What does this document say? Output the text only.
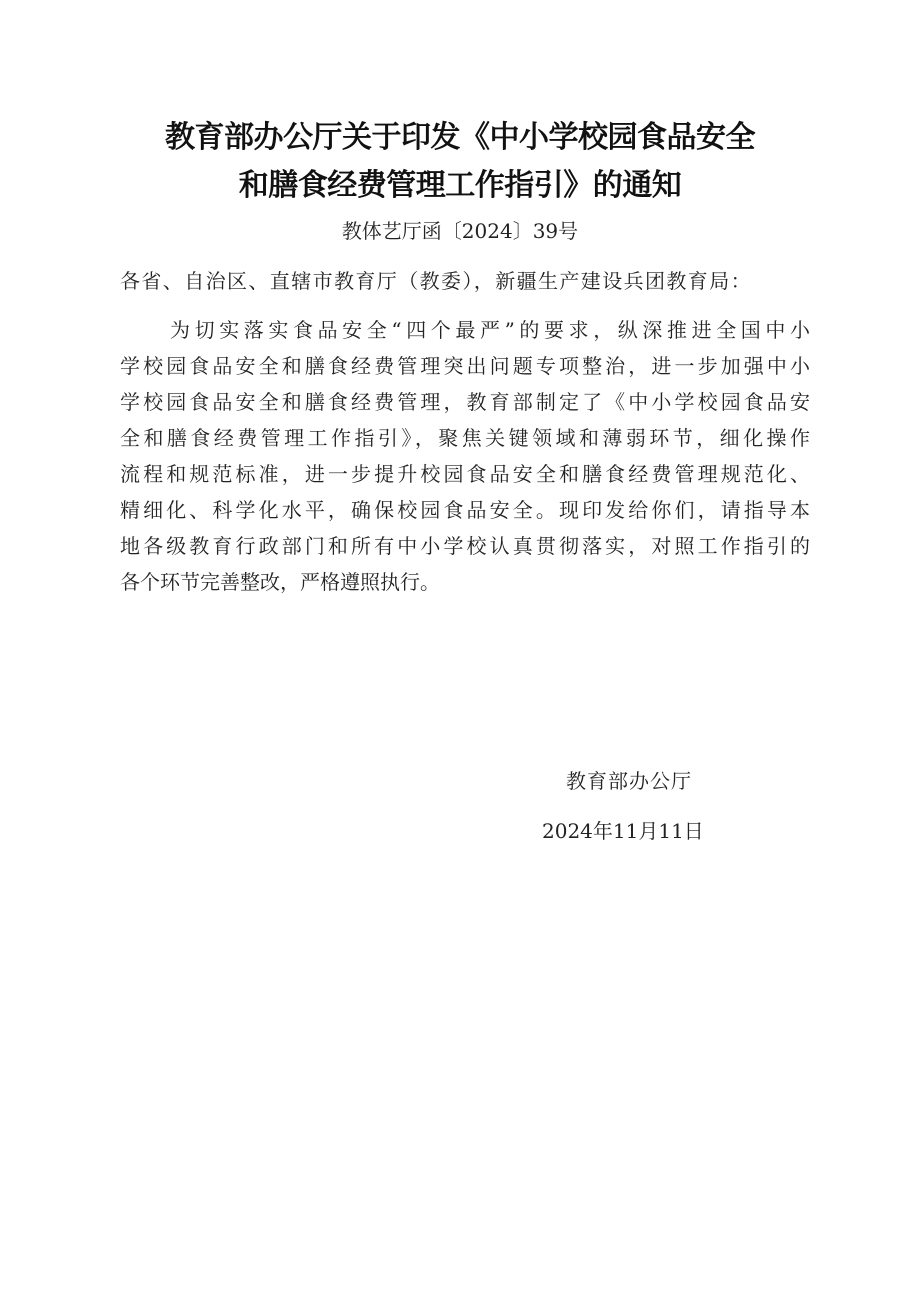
教育部办公厅关于印发《中小学校园食品安全
和膳食经费管理工作指引》的通知
教体艺厅函〔2024〕39号
各省、自治区、直辖市教育厅（教委），新疆生产建设兵团教育局：
为切实落实食品安全“四个最严”的要求，纵深推进全国中小
学校园食品安全和膳食经费管理突出问题专项整治，进一步加强中小
学校园食品安全和膳食经费管理，教育部制定了《中小学校园食品安
全和膳食经费管理工作指引》，聚焦关键领域和薄弱环节，细化操作
流程和规范标准，进一步提升校园食品安全和膳食经费管理规范化、
精细化、科学化水平，确保校园食品安全。现印发给你们，请指导本
地各级教育行政部门和所有中小学校认真贯彻落实，对照工作指引的
各个环节完善整改，严格遵照执行。
教育部办公厅
2024年11月11日
